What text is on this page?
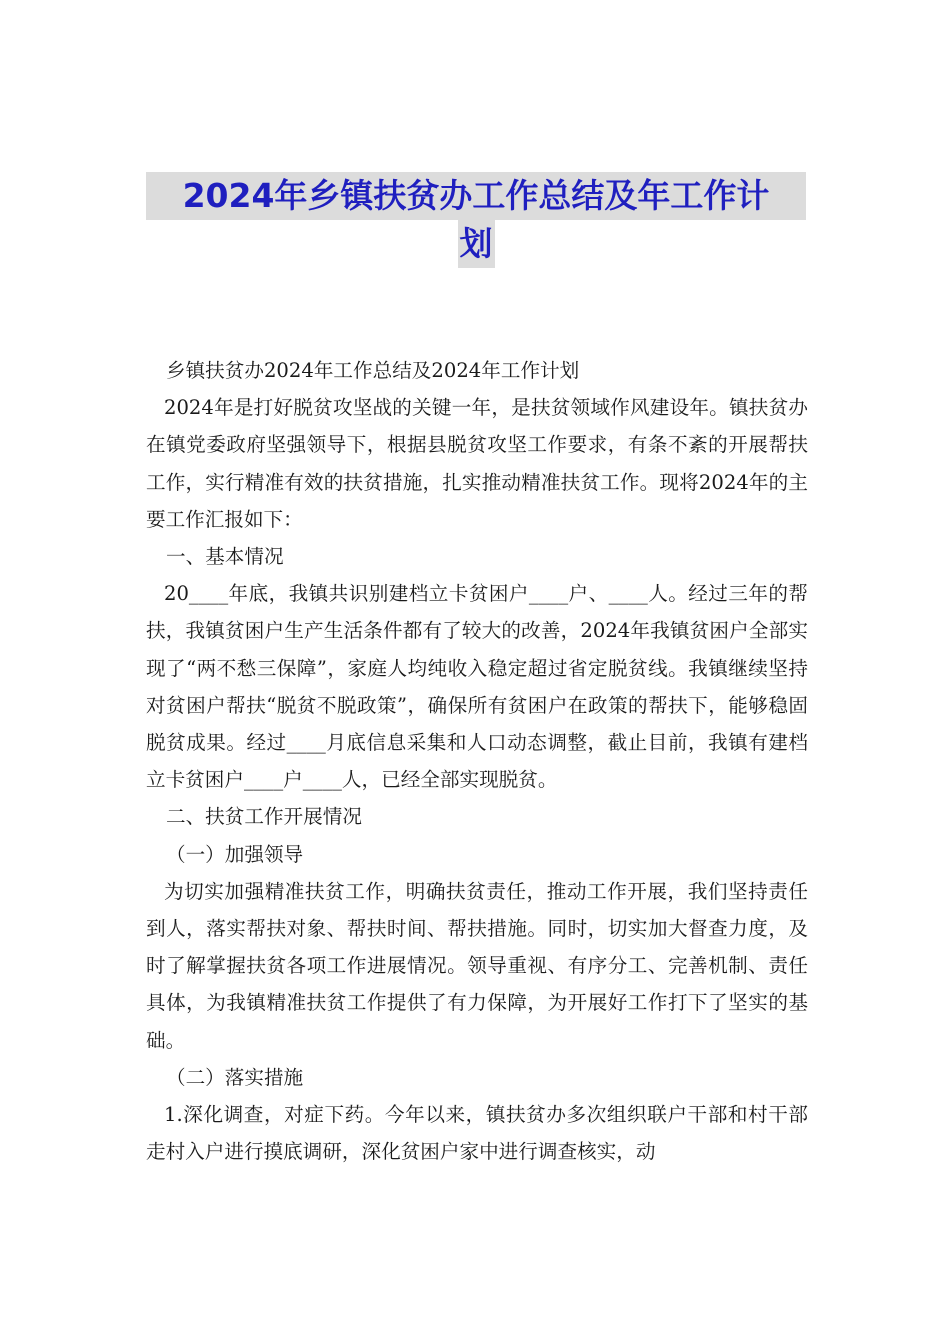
2024年乡镇扶贫办工作总结及年工作计
划

乡镇扶贫办2024年工作总结及2024年工作计划

2024年是打好脱贫攻坚战的关键一年，是扶贫领域作风建设年。镇扶贫办在镇党委政府坚强领导下，根据县脱贫攻坚工作要求，有条不紊的开展帮扶工作，实行精准有效的扶贫措施，扎实推动精准扶贫工作。现将2024年的主要工作汇报如下：

一、基本情况

20____年底，我镇共识别建档立卡贫困户____户、____人。经过三年的帮扶，我镇贫困户生产生活条件都有了较大的改善，2024年我镇贫困户全部实现了“两不愁三保障”，家庭人均纯收入稳定超过省定脱贫线。我镇继续坚持对贫困户帮扶“脱贫不脱政策”，确保所有贫困户在政策的帮扶下，能够稳固脱贫成果。经过____月底信息采集和人口动态调整，截止目前，我镇有建档立卡贫困户____户____人，已经全部实现脱贫。

二、扶贫工作开展情况

（一）加强领导

为切实加强精准扶贫工作，明确扶贫责任，推动工作开展，我们坚持责任到人，落实帮扶对象、帮扶时间、帮扶措施。同时，切实加大督查力度，及时了解掌握扶贫各项工作进展情况。领导重视、有序分工、完善机制、责任具体，为我镇精准扶贫工作提供了有力保障，为开展好工作打下了坚实的基础。

（二）落实措施

1.深化调查，对症下药。今年以来，镇扶贫办多次组织联户干部和村干部走村入户进行摸底调研，深化贫困户家中进行调查核实，动
